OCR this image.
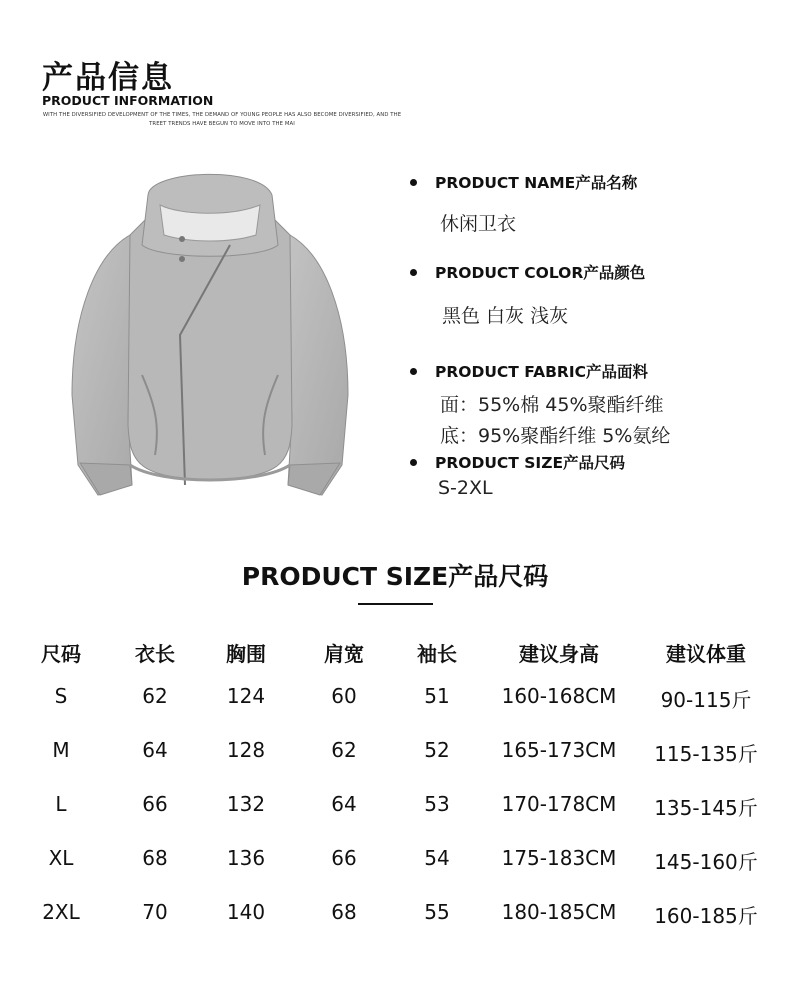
产品信息
PRODUCT INFORMATION
WITH THE DIVERSIFIED DEVELOPMENT OF THE TIMES, THE DEMAND OF YOUNG PEOPLE HAS ALSO BECOME DIVERSIFIED, AND THE TREET TRENDS HAVE BEGUN TO MOVE INTO THE MAI
PRODUCT NAME产品名称
休闲卫衣
PRODUCT COLOR产品颜色
黑色 白灰 浅灰
PRODUCT FABRIC产品面料
面：55%棉 45%聚酯纤维
底：95%聚酯纤维 5%氨纶
PRODUCT SIZE产品尺码
S-2XL
PRODUCT SIZE产品尺码
尺码	衣长	胸围	肩宽	袖长	建议身高	建议体重
S	62	124	60	51	160-168CM 90-115斤
M	64	128	62	52	165-173CM 115-135斤
L	66	132	64	53	170-178CM 135-145斤
XL	68	136	66	54	175-183CM 145-160斤
2XL	70	140	68	55	180-185CM 160-185斤
